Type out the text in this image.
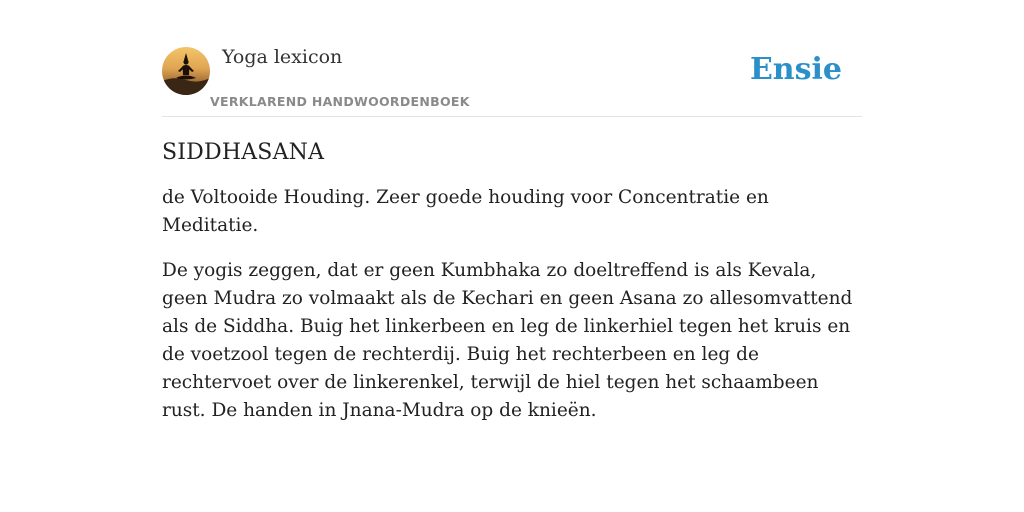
Yoga lexicon
VERKLAREND HANDWOORDENBOEK
Ensie
SIDDHASANA

de Voltooide Houding. Zeer goede houding voor Concentratie en Meditatie.

De yogis zeggen, dat er geen Kumbhaka zo doeltreffend is als Kevala, geen Mudra zo volmaakt als de Kechari en geen Asana zo allesomvattend als de Siddha. Buig het linkerbeen en leg de linkerhiel tegen het kruis en de voetzool tegen de rechterdij. Buig het rechterbeen en leg de rechtervoet over de linkerenkel, terwijl de hiel tegen het schaambeen rust. De handen in Jnana-Mudra op de knieën.
